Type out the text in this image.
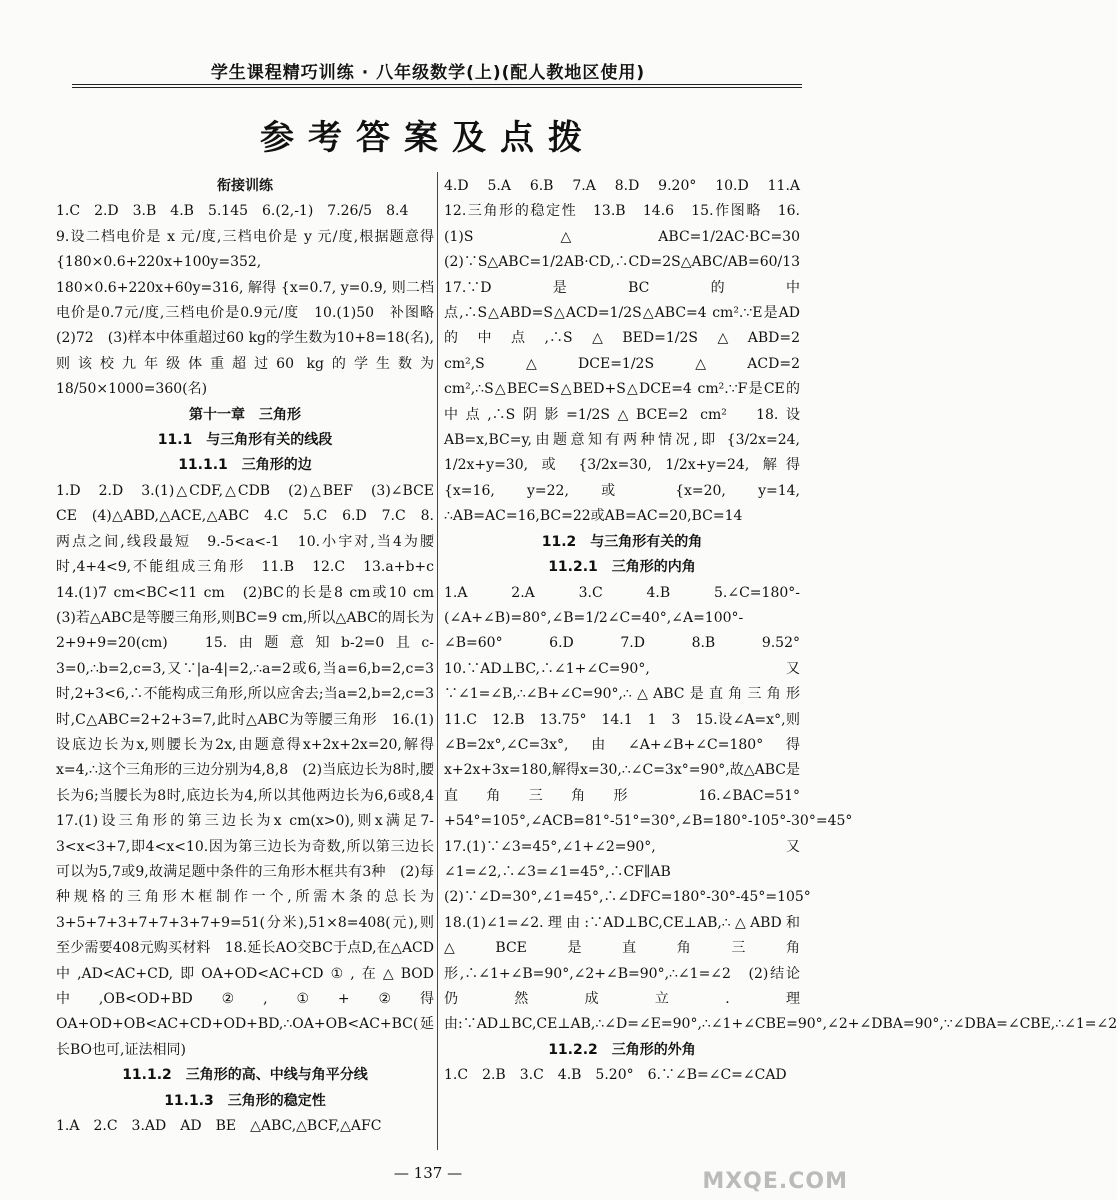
学生课程精巧训练 · 八年级数学(上)(配人教地区使用)
参考答案及点拨
衔接训练

1.C　2.D　3.B　4.B　5.145　6.(2,-1)　7.26/5　8.4

9.设二档电价是 x 元/度,三档电价是 y 元/度,根据题意得 {180×0.6+220x+100y=352, 180×0.6+220x+60y=316, 解得 {x=0.7, y=0.9, 则二档电价是0.7元/度,三档电价是0.9元/度　10.(1)50　补图略　(2)72　(3)样本中体重超过60 kg的学生数为10+8=18(名),则该校九年级体重超过60 kg的学生数为18/50×1000=360(名)

第十一章　三角形
11.1　与三角形有关的线段
11.1.1　三角形的边

1.D　2.D　3.(1)△CDF,△CDB　(2)△BEF　(3)∠BCE　CE　(4)△ABD,△ACE,△ABC　4.C　5.C　6.D　7.C　8.两点之间,线段最短　9.-5<a<-1　10.小宇对,当4为腰时,4+4<9,不能组成三角形　11.B　12.C　13.a+b+c　14.(1)7 cm<BC<11 cm　(2)BC的长是8 cm或10 cm　(3)若△ABC是等腰三角形,则BC=9 cm,所以△ABC的周长为2+9+9=20(cm)　15.由题意知b-2=0且c-3=0,∴b=2,c=3,又∵|a-4|=2,∴a=2或6,当a=6,b=2,c=3时,2+3<6,∴不能构成三角形,所以应舍去;当a=2,b=2,c=3时,C△ABC=2+2+3=7,此时△ABC为等腰三角形　16.(1)设底边长为x,则腰长为2x,由题意得x+2x+2x=20,解得x=4,∴这个三角形的三边分别为4,8,8　(2)当底边长为8时,腰长为6;当腰长为8时,底边长为4,所以其他两边长为6,6或8,4　17.(1)设三角形的第三边长为x cm(x>0),则x满足7-3<x<3+7,即4<x<10.因为第三边长为奇数,所以第三边长可以为5,7或9,故满足题中条件的三角形木框共有3种　(2)每种规格的三角形木框制作一个,所需木条的总长为3+5+7+3+7+7+3+7+9=51(分米),51×8=408(元),则至少需要408元购买材料　18.延长AO交BC于点D,在△ACD中,AD<AC+CD,即OA+OD<AC+CD①,在△BOD中,OB<OD+BD②,①+②得OA+OD+OB<AC+CD+OD+BD,∴OA+OB<AC+BC(延长BO也可,证法相同)

11.1.2　三角形的高、中线与角平分线
11.1.3　三角形的稳定性

1.A　2.C　3.AD　AD　BE　△ABC,△BCF,△AFC

4.D　5.A　6.B　7.A　8.D　9.20°　10.D　11.A　12.三角形的稳定性　13.B　14.6　15.作图略　16.(1)S△ABC=1/2AC·BC=30　(2)∵S△ABC=1/2AB·CD,∴CD=2S△ABC/AB=60/13　17.∵D是BC的中点,∴S△ABD=S△ACD=1/2S△ABC=4 cm².∵E是AD的中点,∴S△BED=1/2S△ABD=2 cm²,S△DCE=1/2S△ACD=2 cm²,∴S△BEC=S△BED+S△DCE=4 cm².∵F是CE的中点,∴S阴影=1/2S△BCE=2 cm²　18.设AB=x,BC=y,由题意知有两种情况,即 {3/2x=24, 1/2x+y=30, 或 {3/2x=30, 1/2x+y=24, 解得 {x=16, y=22, 或 {x=20, y=14, ∴AB=AC=16,BC=22或AB=AC=20,BC=14

11.2　与三角形有关的角
11.2.1　三角形的内角

1.A　2.A　3.C　4.B　5.∠C=180°-(∠A+∠B)=80°,∠B=1/2∠C=40°,∠A=100°-∠B=60°　6.D　7.D　8.B　9.52°　10.∵AD⊥BC,∴∠1+∠C=90°,又∵∠1=∠B,∴∠B+∠C=90°,∴△ABC是直角三角形　11.C　12.B　13.75°　14.1　1　3　15.设∠A=x°,则∠B=2x°,∠C=3x°,由∠A+∠B+∠C=180°得x+2x+3x=180,解得x=30,∴∠C=3x°=90°,故△ABC是直角三角形　16.∠BAC=51°+54°=105°,∠ACB=81°-51°=30°,∠B=180°-105°-30°=45°　17.(1)∵∠3=45°,∠1+∠2=90°,又∠1=∠2,∴∠3=∠1=45°,∴CF∥AB　(2)∵∠D=30°,∠1=45°,∴∠DFC=180°-30°-45°=105°　18.(1)∠1=∠2.理由:∵AD⊥BC,CE⊥AB,∴△ABD和△BCE是直角三角形,∴∠1+∠B=90°,∠2+∠B=90°,∴∠1=∠2　(2)结论仍然成立.理由:∵AD⊥BC,CE⊥AB,∴∠D=∠E=90°,∴∠1+∠CBE=90°,∠2+∠DBA=90°,∵∠DBA=∠CBE,∴∠1=∠2

11.2.2　三角形的外角

1.C　2.B　3.C　4.B　5.20°　6.∵∠B=∠C=∠CAD

— 137 —	MXQE.COM
